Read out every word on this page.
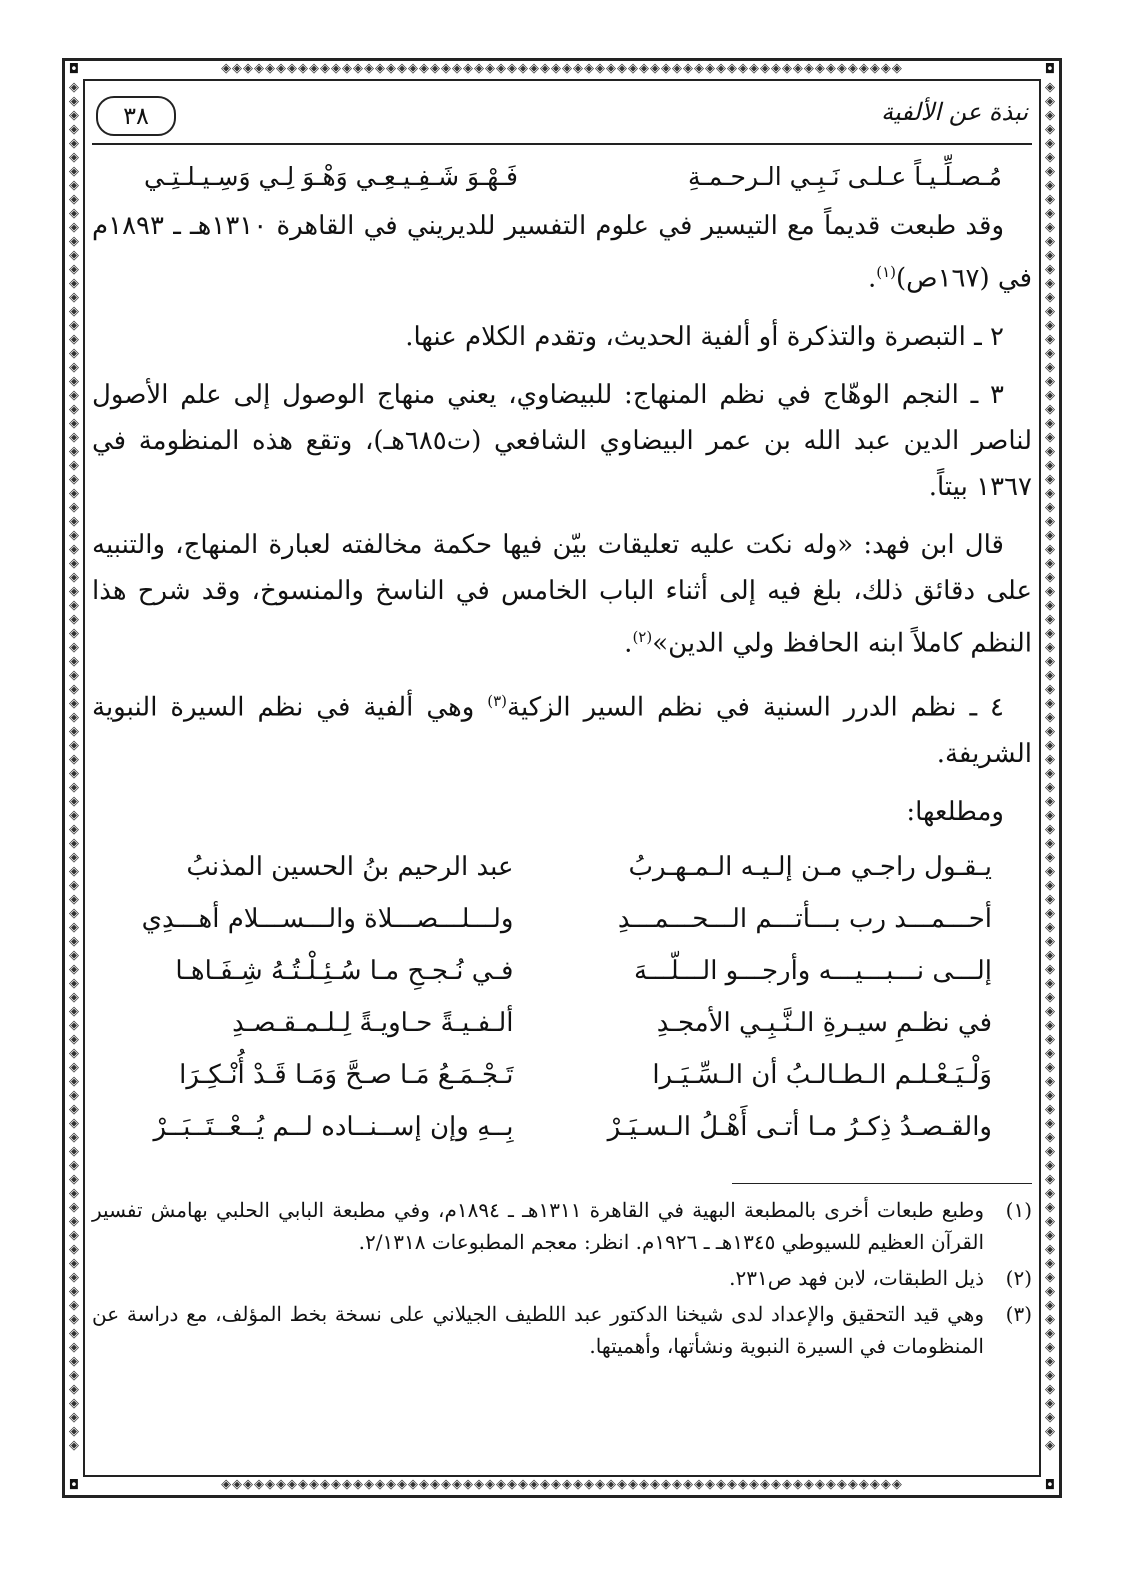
◘	◘
◘	◘
◈◈◈◈◈◈◈◈◈◈◈◈◈◈◈◈◈◈◈◈◈◈◈◈◈◈◈◈◈◈◈◈◈◈◈◈◈◈◈◈◈◈◈◈◈◈◈◈◈◈◈◈◈◈◈◈◈◈◈◈◈◈
◈◈◈◈◈◈◈◈◈◈◈◈◈◈◈◈◈◈◈◈◈◈◈◈◈◈◈◈◈◈◈◈◈◈◈◈◈◈◈◈◈◈◈◈◈◈◈◈◈◈◈◈◈◈◈◈◈◈◈◈◈◈
◈◈◈◈◈◈◈◈◈◈◈◈◈◈◈◈◈◈◈◈◈◈◈◈◈◈◈◈◈◈◈◈◈◈◈◈◈◈◈◈◈◈◈◈◈◈◈◈◈◈◈◈◈◈◈◈◈◈◈◈◈◈◈◈◈◈◈◈◈◈◈◈◈◈◈◈◈◈◈◈◈◈◈◈◈◈◈◈◈◈◈◈◈◈◈◈◈◈
◈◈◈◈◈◈◈◈◈◈◈◈◈◈◈◈◈◈◈◈◈◈◈◈◈◈◈◈◈◈◈◈◈◈◈◈◈◈◈◈◈◈◈◈◈◈◈◈◈◈◈◈◈◈◈◈◈◈◈◈◈◈◈◈◈◈◈◈◈◈◈◈◈◈◈◈◈◈◈◈◈◈◈◈◈◈◈◈◈◈◈◈◈◈◈◈◈◈
نبذة عن الألفية
٣٨
مُـصـلِّـيـاً عـلـى نَـبِـي الـرحـمـةِ
فَـهْـوَ شَـفِـيـعِـي وَهْـوَ لِـي وَسِـيـلـتِـي

وقد طبعت قديماً مع التيسير في علوم التفسير للديريني في القاهرة ١٣١٠هـ ـ ١٨٩٣م في (١٦٧ص)$^{(١)}$.

٢ ـ التبصرة والتذكرة أو ألفية الحديث، وتقدم الكلام عنها.

٣ ـ النجم الوهّاج في نظم المنهاج: للبيضاوي، يعني منهاج الوصول إلى علم الأصول لناصر الدين عبد الله بن عمر البيضاوي الشافعي (ت٦٨٥هـ)، وتقع هذه المنظومة في ١٣٦٧ بيتاً.

قال ابن فهد: «وله نكت عليه تعليقات بيّن فيها حكمة مخالفته لعبارة المنهاج، والتنبيه على دقائق ذلك، بلغ فيه إلى أثناء الباب الخامس في الناسخ والمنسوخ، وقد شرح هذا النظم كاملاً ابنه الحافظ ولي الدين»$^{(٢)}$.

٤ ـ نظم الدرر السنية في نظم السير الزكية$^{(٣)}$ وهي ألفية في نظم السيرة النبوية الشريفة.

ومطلعها:

يـقـول راجـي مـن إلـيـه الـمـهـربُ
عبد الرحيم بنُ الحسين المذنبُ
أحـــمـــد رب بـــأتـــم الـــحـــمـــدِ
ولـــلـــصـــلاة والـــســـلام أهـــدِي
إلـــى نـــبـــيـــه وأرجـــو الـــلّـــهَ
فـي نُـجـحِ مـا سُـئِـلْـتُـهُ شِـفَـاهـا
في نظـمِ سيـرةِ الـنَّـبِـي الأمجـدِ
ألـفـيـةً حـاويـةً لِـلـمـقـصـدِ
وَلْـيَـعْـلـم الـطـالـبُ أن الـسِّـيَـرا
تَـجْـمَـعُ مَـا صـحَّ وَمَـا قَـدْ أُنْـكِـرَا
والقـصـدُ ذِكـرُ مـا أتـى أَهْـلُ الـسـيَـرْ
بِــهِ وإن إســنــاده لــم يُــعْــتَــبَــرْ
(١)
وطبع طبعات أخرى بالمطبعة البهية في القاهرة ١٣١١هـ ـ ١٨٩٤م، وفي مطبعة البابي الحلبي بهامش تفسير القرآن العظيم للسيوطي ١٣٤٥هـ ـ ١٩٢٦م. انظر: معجم المطبوعات ٢/١٣١٨.
(٢)
ذيل الطبقات، لابن فهد ص٢٣١.
(٣)
وهي قيد التحقيق والإعداد لدى شيخنا الدكتور عبد اللطيف الجيلاني على نسخة بخط المؤلف، مع دراسة عن المنظومات في السيرة النبوية ونشأتها، وأهميتها.
